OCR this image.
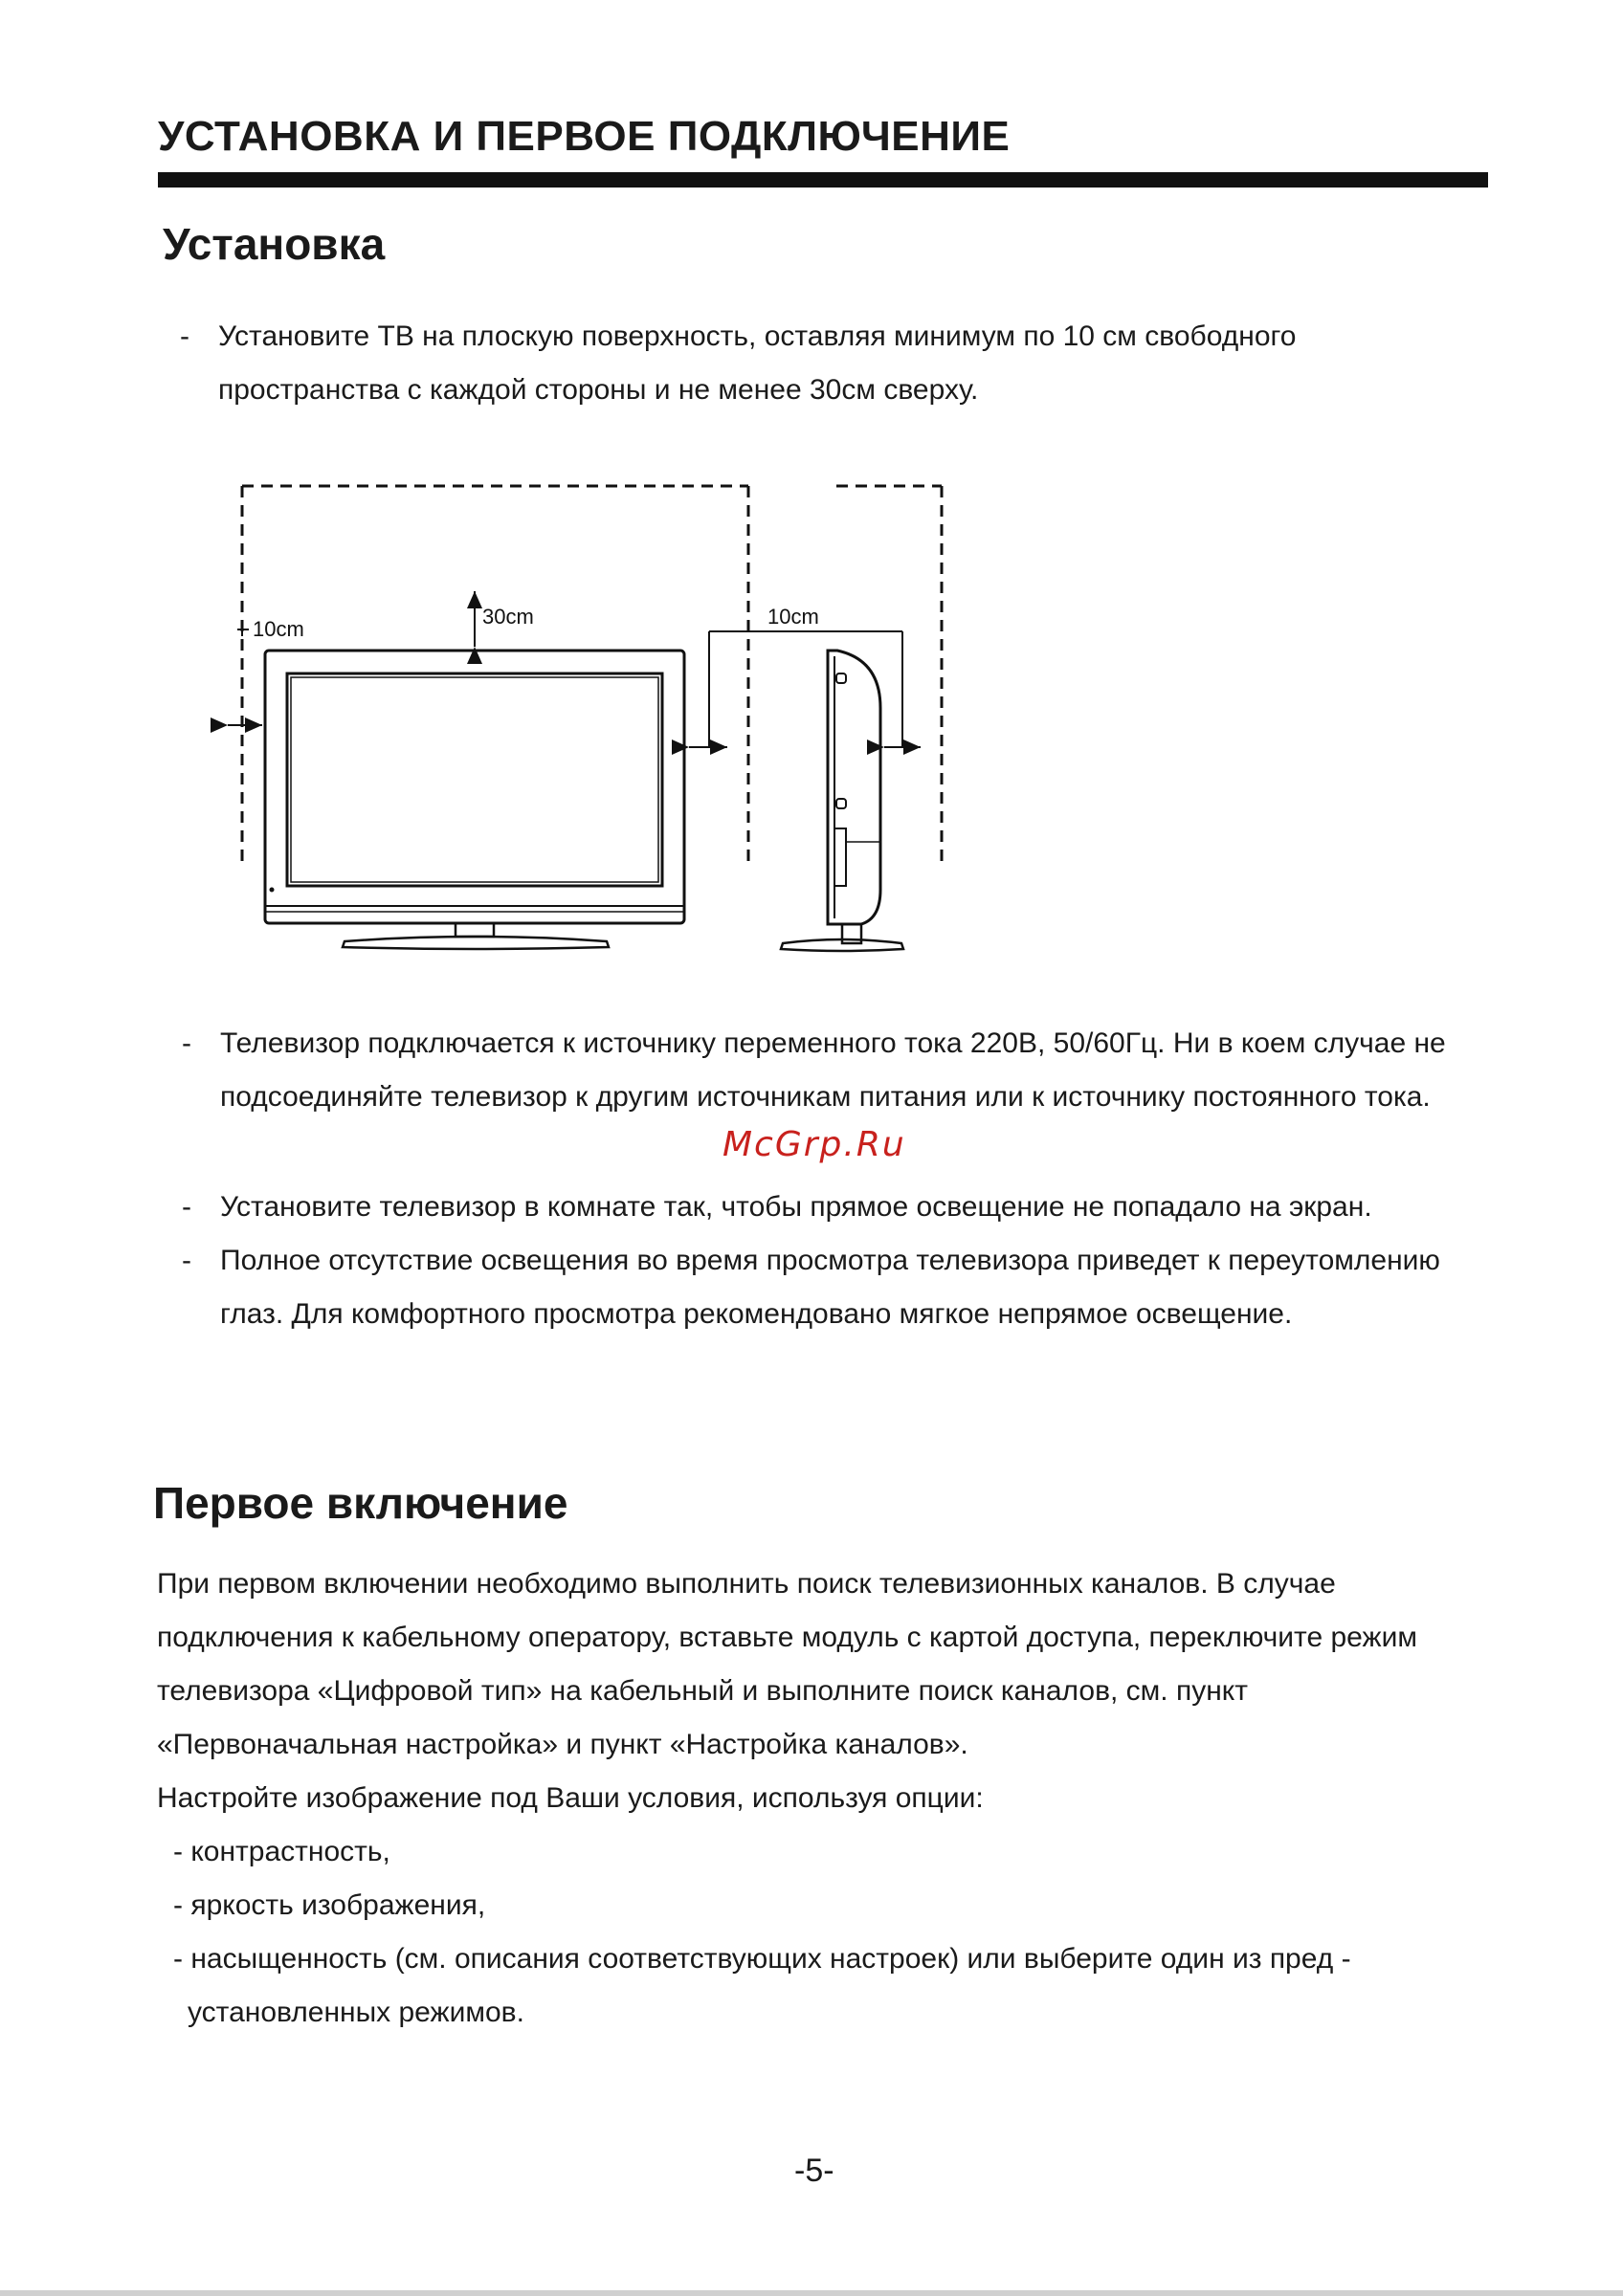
УСТАНОВКА И ПЕРВОЕ ПОДКЛЮЧЕНИЕ
Установка
- Установите ТВ на плоскую поверхность, оставляя минимум по 10 см свободного пространства с каждой стороны и не менее 30см сверху.
30cm
10cm
10cm
- Телевизор подключается к источнику переменного тока 220В, 50/60Гц. Ни в коем случае не подсоединяйте телевизор к другим источникам питания или к источнику постоянного тока.
McGrp.Ru
- Установите телевизор в комнате так, чтобы прямое освещение не попадало на экран.
- Полное отсутствие освещения во время просмотра телевизора приведет к переутомлению глаз. Для комфортного просмотра рекомендовано мягкое непрямое освещение.
Первое включение

При первом включении необходимо выполнить поиск телевизионных каналов. В случае подключения к кабельному оператору, вставьте модуль с картой доступа, переключите режим телевизора «Цифровой тип» на кабельный и выполните поиск каналов, см. пункт «Первоначальная настройка» и пункт «Настройка каналов».

Настройте изображение под Ваши условия, используя опции:

- контрастность,
- яркость изображения,
- насыщенность (см. описания соответствующих настроек) или выберите один из пред - установленных режимов.
-5-
